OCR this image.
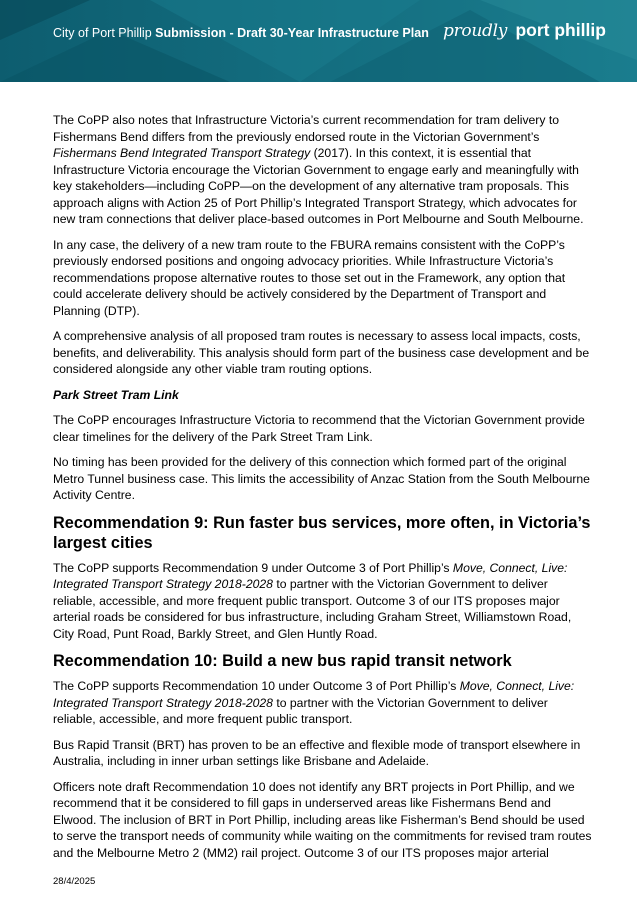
City of Port Phillip Submission - Draft 30-Year Infrastructure Plan proudly port phillip

The CoPP also notes that Infrastructure Victoria’s current recommendation for tram delivery to Fishermans Bend differs from the previously endorsed route in the Victorian Government’s Fishermans Bend Integrated Transport Strategy (2017). In this context, it is essential that Infrastructure Victoria encourage the Victorian Government to engage early and meaningfully with key stakeholders—including CoPP—on the development of any alternative tram proposals. This approach aligns with Action 25 of Port Phillip’s Integrated Transport Strategy, which advocates for new tram connections that deliver place-based outcomes in Port Melbourne and South Melbourne.

In any case, the delivery of a new tram route to the FBURA remains consistent with the CoPP’s previously endorsed positions and ongoing advocacy priorities. While Infrastructure Victoria’s recommendations propose alternative routes to those set out in the Framework, any option that could accelerate delivery should be actively considered by the Department of Transport and Planning (DTP).

A comprehensive analysis of all proposed tram routes is necessary to assess local impacts, costs, benefits, and deliverability. This analysis should form part of the business case development and be considered alongside any other viable tram routing options.

Park Street Tram Link

The CoPP encourages Infrastructure Victoria to recommend that the Victorian Government provide clear timelines for the delivery of the Park Street Tram Link.

No timing has been provided for the delivery of this connection which formed part of the original Metro Tunnel business case. This limits the accessibility of Anzac Station from the South Melbourne Activity Centre.

Recommendation 9: Run faster bus services, more often, in Victoria’s largest cities

The CoPP supports Recommendation 9 under Outcome 3 of Port Phillip’s Move, Connect, Live: Integrated Transport Strategy 2018-2028 to partner with the Victorian Government to deliver reliable, accessible, and more frequent public transport. Outcome 3 of our ITS proposes major arterial roads be considered for bus infrastructure, including Graham Street, Williamstown Road, City Road, Punt Road, Barkly Street, and Glen Huntly Road.

Recommendation 10: Build a new bus rapid transit network

The CoPP supports Recommendation 10 under Outcome 3 of Port Phillip’s Move, Connect, Live: Integrated Transport Strategy 2018-2028 to partner with the Victorian Government to deliver reliable, accessible, and more frequent public transport.

Bus Rapid Transit (BRT) has proven to be an effective and flexible mode of transport elsewhere in Australia, including in inner urban settings like Brisbane and Adelaide.

Officers note draft Recommendation 10 does not identify any BRT projects in Port Phillip, and we recommend that it be considered to fill gaps in underserved areas like Fishermans Bend and Elwood. The inclusion of BRT in Port Phillip, including areas like Fisherman’s Bend should be used to serve the transport needs of community while waiting on the commitments for revised tram routes and the Melbourne Metro 2 (MM2) rail project. Outcome 3 of our ITS proposes major arterial

28/4/2025
